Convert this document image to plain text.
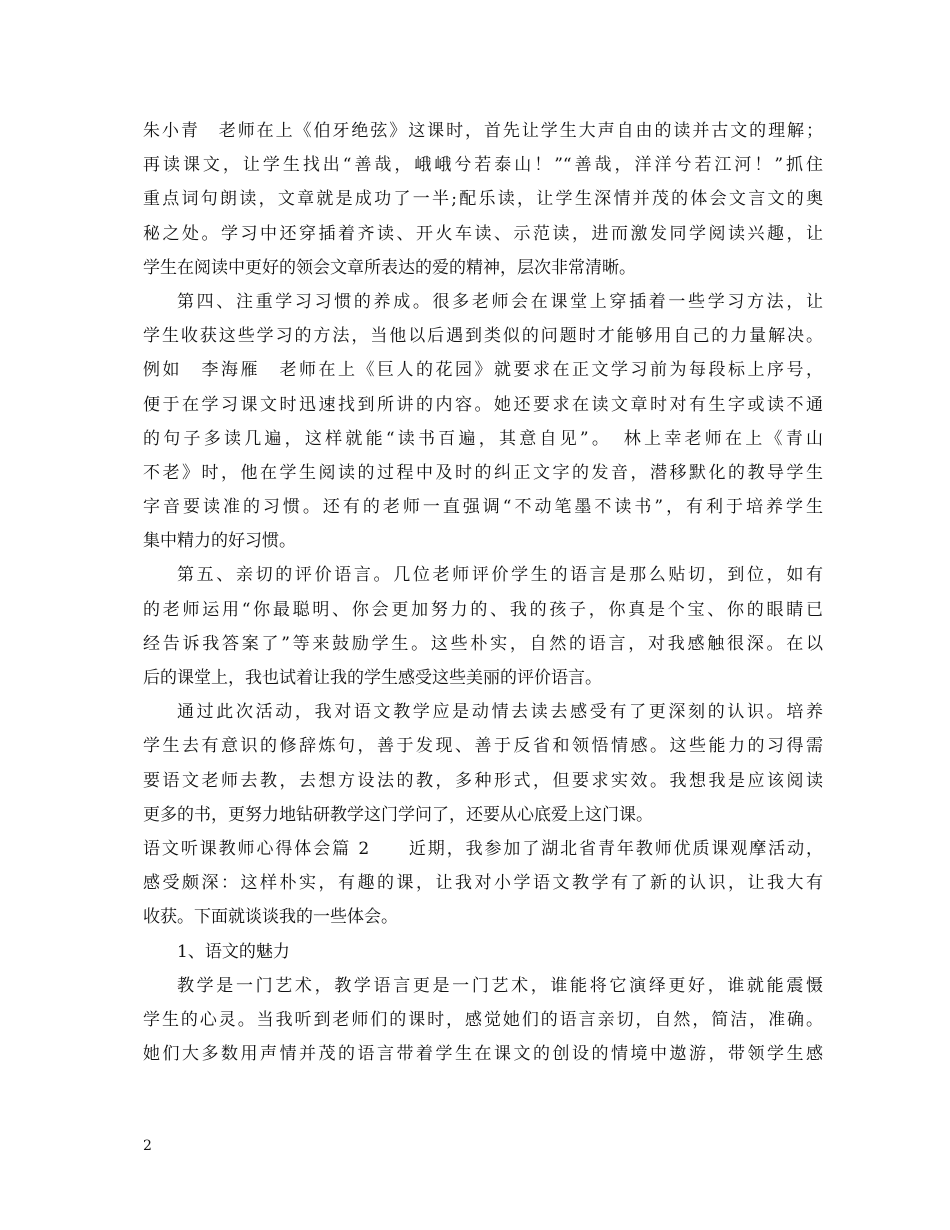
朱小青　老师在上《伯牙绝弦》这课时，首先让学生大声自由的读并古文的理解；
再读课文，让学生找出“善哉，峨峨兮若泰山！”“善哉，洋洋兮若江河！”抓住
重点词句朗读，文章就是成功了一半;配乐读，让学生深情并茂的体会文言文的奥
秘之处。学习中还穿插着齐读、开火车读、示范读，进而激发同学阅读兴趣，让
学生在阅读中更好的领会文章所表达的爱的精神，层次非常清晰。
第四、注重学习习惯的养成。很多老师会在课堂上穿插着一些学习方法，让
学生收获这些学习的方法，当他以后遇到类似的问题时才能够用自己的力量解决。
例如　李海雁　老师在上《巨人的花园》就要求在正文学习前为每段标上序号，
便于在学习课文时迅速找到所讲的内容。她还要求在读文章时对有生字或读不通
的句子多读几遍，这样就能“读书百遍，其意自见”。　林上幸老师在上《青山
不老》时，他在学生阅读的过程中及时的纠正文字的发音，潜移默化的教导学生
字音要读准的习惯。还有的老师一直强调“不动笔墨不读书”，有利于培养学生
集中精力的好习惯。
第五、亲切的评价语言。几位老师评价学生的语言是那么贴切，到位，如有
的老师运用“你最聪明、你会更加努力的、我的孩子，你真是个宝、你的眼睛已
经告诉我答案了”等来鼓励学生。这些朴实，自然的语言，对我感触很深。在以
后的课堂上，我也试着让我的学生感受这些美丽的评价语言。
通过此次活动，我对语文教学应是动情去读去感受有了更深刻的认识。培养
学生去有意识的修辞炼句，善于发现、善于反省和领悟情感。这些能力的习得需
要语文老师去教，去想方设法的教，多种形式，但要求实效。我想我是应该阅读
更多的书，更努力地钻研教学这门学问了，还要从心底爱上这门课。
语文听课教师心得体会篇 2　　近期，我参加了湖北省青年教师优质课观摩活动，
感受颇深：这样朴实，有趣的课，让我对小学语文教学有了新的认识，让我大有
收获。下面就谈谈我的一些体会。
1、语文的魅力
教学是一门艺术，教学语言更是一门艺术，谁能将它演绎更好，谁就能震慑
学生的心灵。当我听到老师们的课时，感觉她们的语言亲切，自然，简洁，准确。
她们大多数用声情并茂的语言带着学生在课文的创设的情境中遨游，带领学生感
2
